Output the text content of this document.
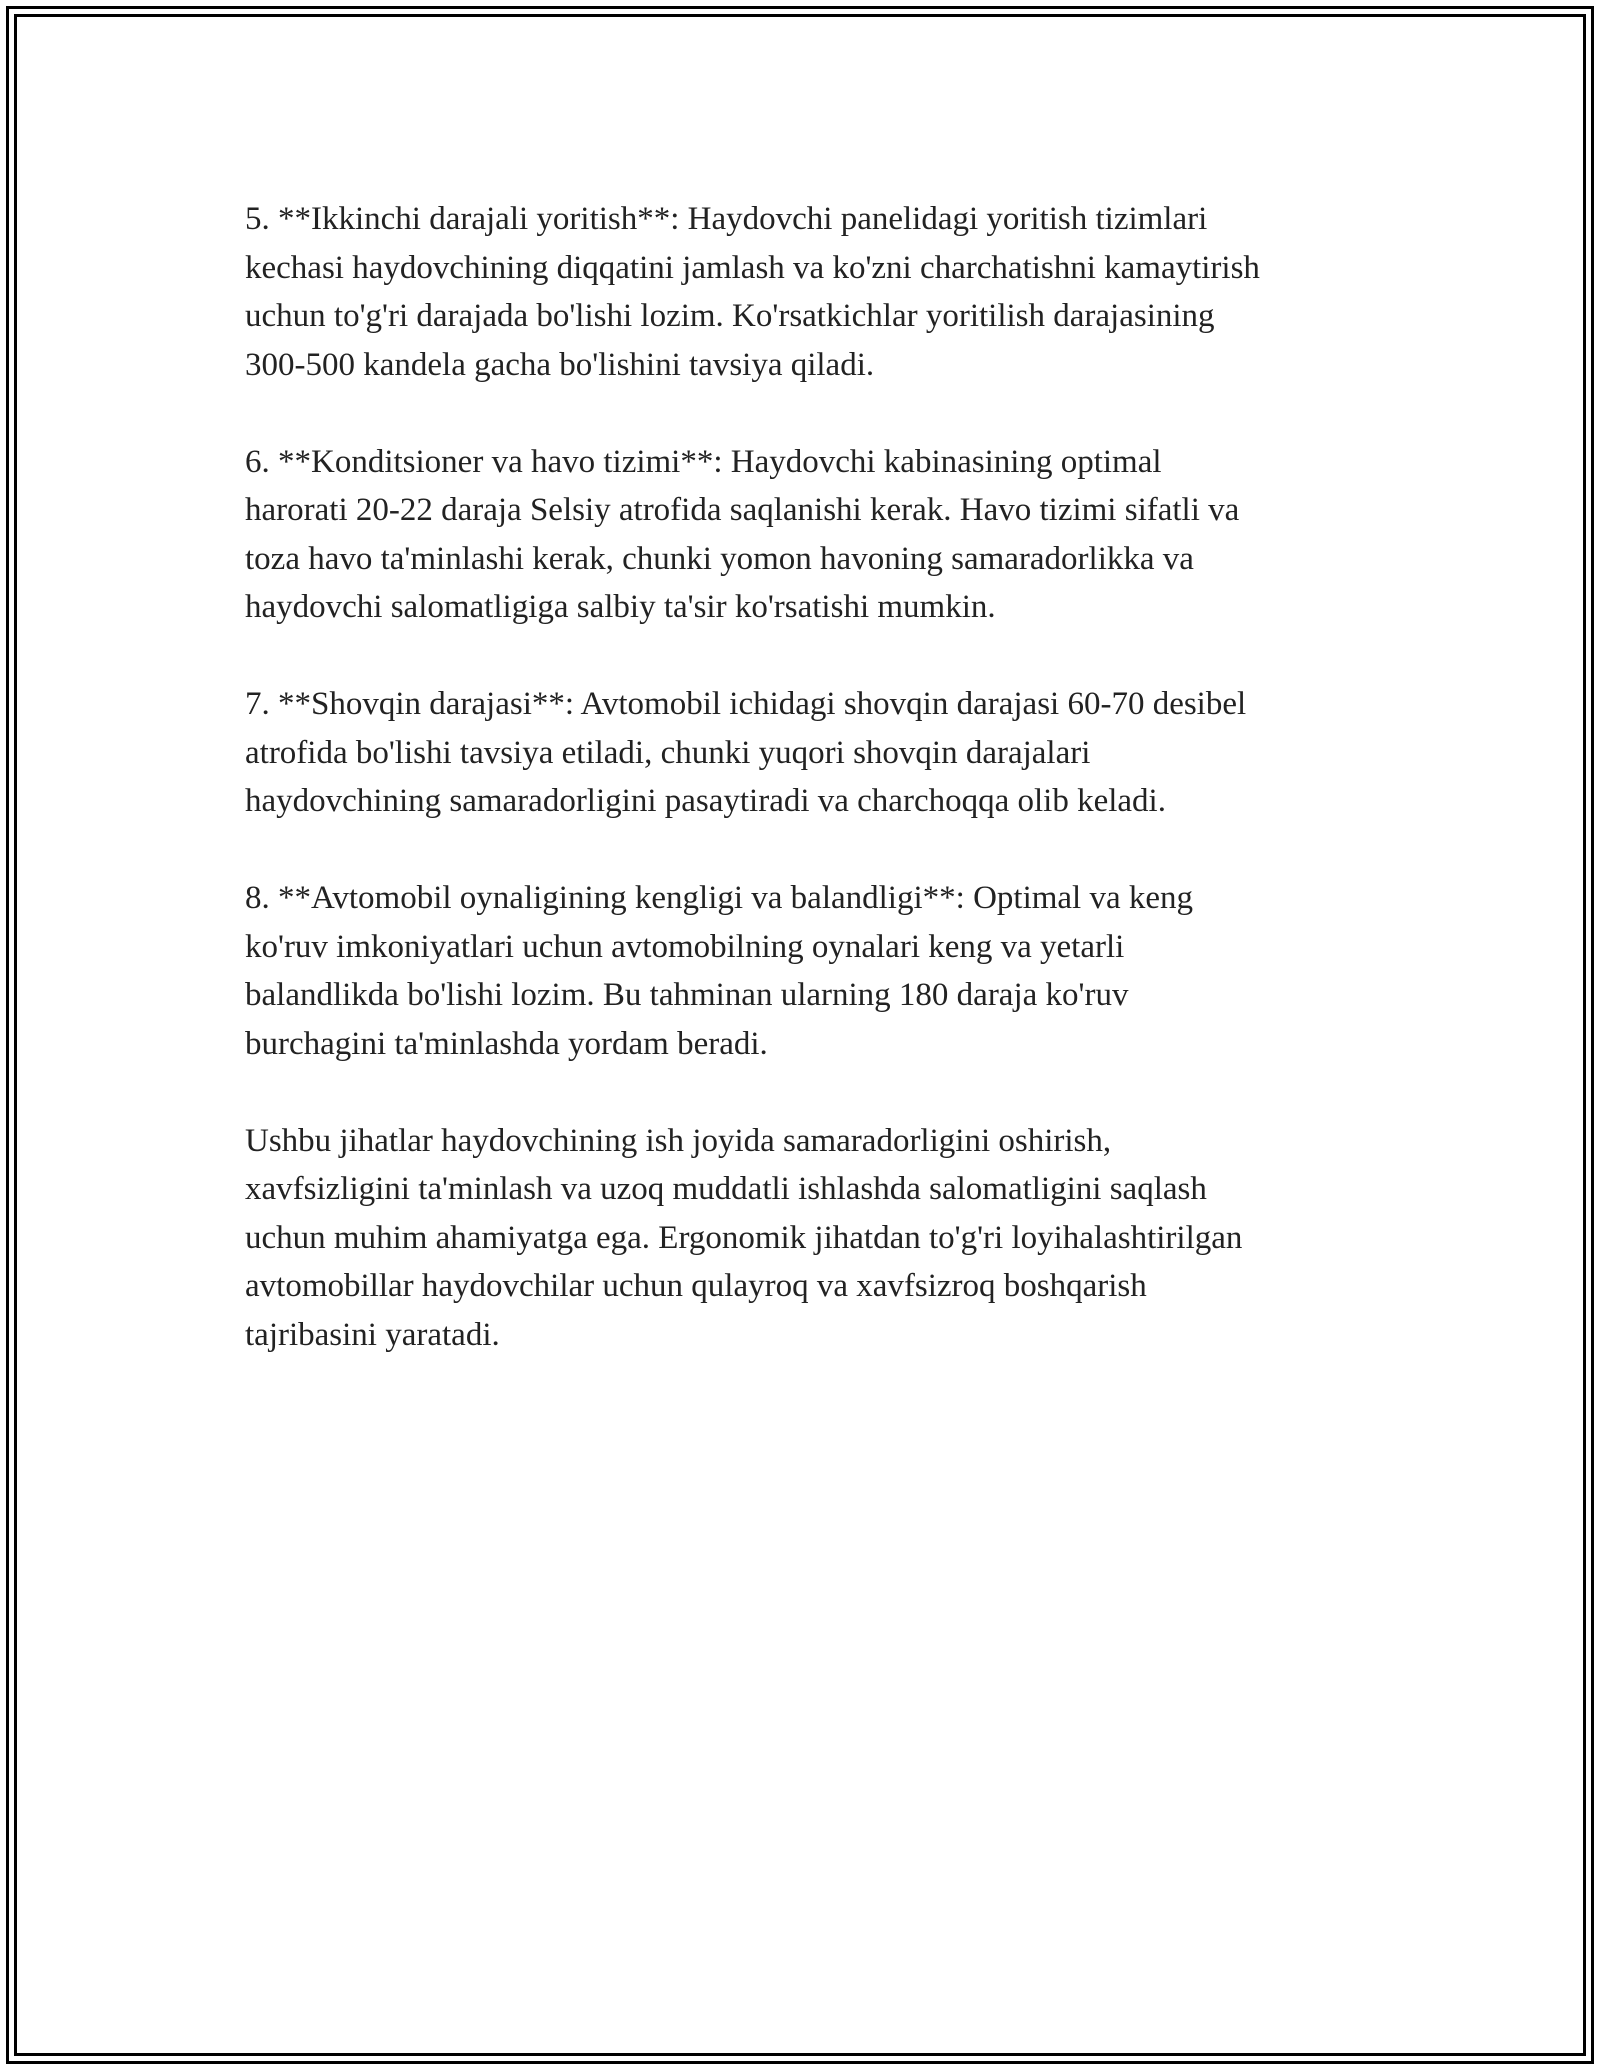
5. **Ikkinchi darajali yoritish**: Haydovchi panelidagi yoritish tizimlari
kechasi haydovchining diqqatini jamlash va ko'zni charchatishni kamaytirish
uchun to'g'ri darajada bo'lishi lozim. Ko'rsatkichlar yoritilish darajasining
300-500 kandela gacha bo'lishini tavsiya qiladi.

6. **Konditsioner va havo tizimi**: Haydovchi kabinasining optimal
harorati 20-22 daraja Selsiy atrofida saqlanishi kerak. Havo tizimi sifatli va
toza havo ta'minlashi kerak, chunki yomon havoning samaradorlikka va
haydovchi salomatligiga salbiy ta'sir ko'rsatishi mumkin.

7. **Shovqin darajasi**: Avtomobil ichidagi shovqin darajasi 60-70 desibel
atrofida bo'lishi tavsiya etiladi, chunki yuqori shovqin darajalari
haydovchining samaradorligini pasaytiradi va charchoqqa olib keladi.

8. **Avtomobil oynaligining kengligi va balandligi**: Optimal va keng
ko'ruv imkoniyatlari uchun avtomobilning oynalari keng va yetarli
balandlikda bo'lishi lozim. Bu tahminan ularning 180 daraja ko'ruv
burchagini ta'minlashda yordam beradi.

Ushbu jihatlar haydovchining ish joyida samaradorligini oshirish,
xavfsizligini ta'minlash va uzoq muddatli ishlashda salomatligini saqlash
uchun muhim ahamiyatga ega. Ergonomik jihatdan to'g'ri loyihalashtirilgan
avtomobillar haydovchilar uchun qulayroq va xavfsizroq boshqarish
tajribasini yaratadi.
